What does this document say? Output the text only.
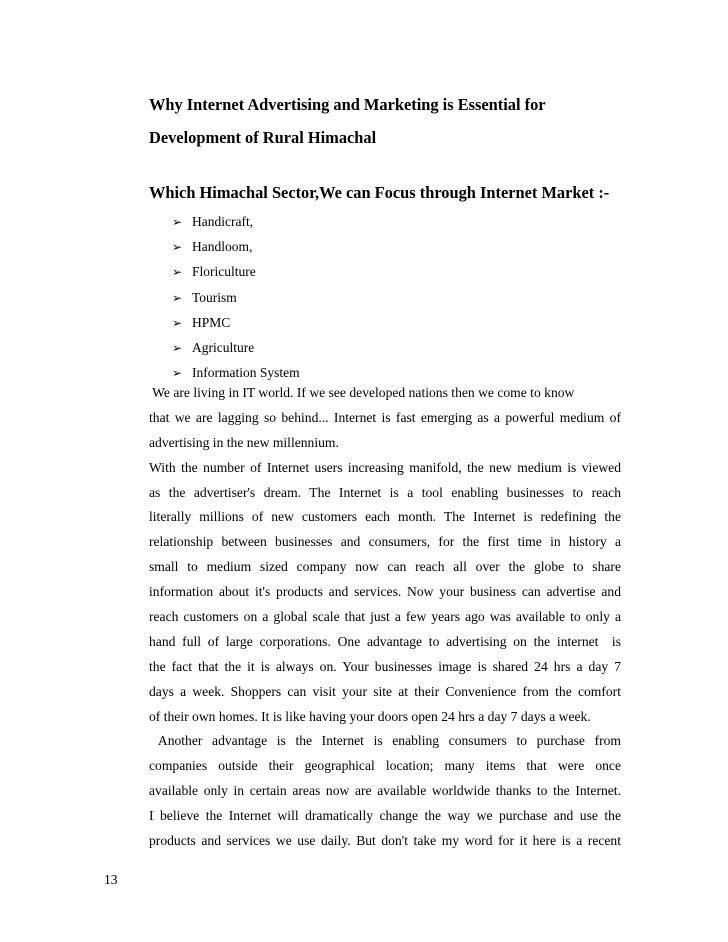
Why Internet Advertising and Marketing is Essential for
Development of Rural Himachal
Which Himachal Sector,We can Focus through Internet Market :-
➢ Handicraft,
➢ Handloom,
➢ Floriculture
➢ Tourism
➢ HPMC
➢ Agriculture
➢ Information System
We are living in IT world. If we see developed nations then we come to know
that we are lagging so behind... Internet is fast emerging as a powerful medium of
advertising in the new millennium.
With the number of Internet users increasing manifold, the new medium is viewed
as the advertiser's dream. The Internet is a tool enabling businesses to reach
literally millions of new customers each month. The Internet is redefining the
relationship between businesses and consumers, for the first time in history a
small to medium sized company now can reach all over the globe to share
information about it's products and services. Now your business can advertise and
reach customers on a global scale that just a few years ago was available to only a
hand full of large corporations. One advantage to advertising on the internet  is
the fact that the it is always on. Your businesses image is shared 24 hrs a day 7
days a week. Shoppers can visit your site at their Convenience from the comfort
of their own homes. It is like having your doors open 24 hrs a day 7 days a week.
Another advantage is the Internet is enabling consumers to purchase from
companies outside their geographical location; many items that were once
available only in certain areas now are available worldwide thanks to the Internet.
I believe the Internet will dramatically change the way we purchase and use the
products and services we use daily. But don't take my word for it here is a recent
13
